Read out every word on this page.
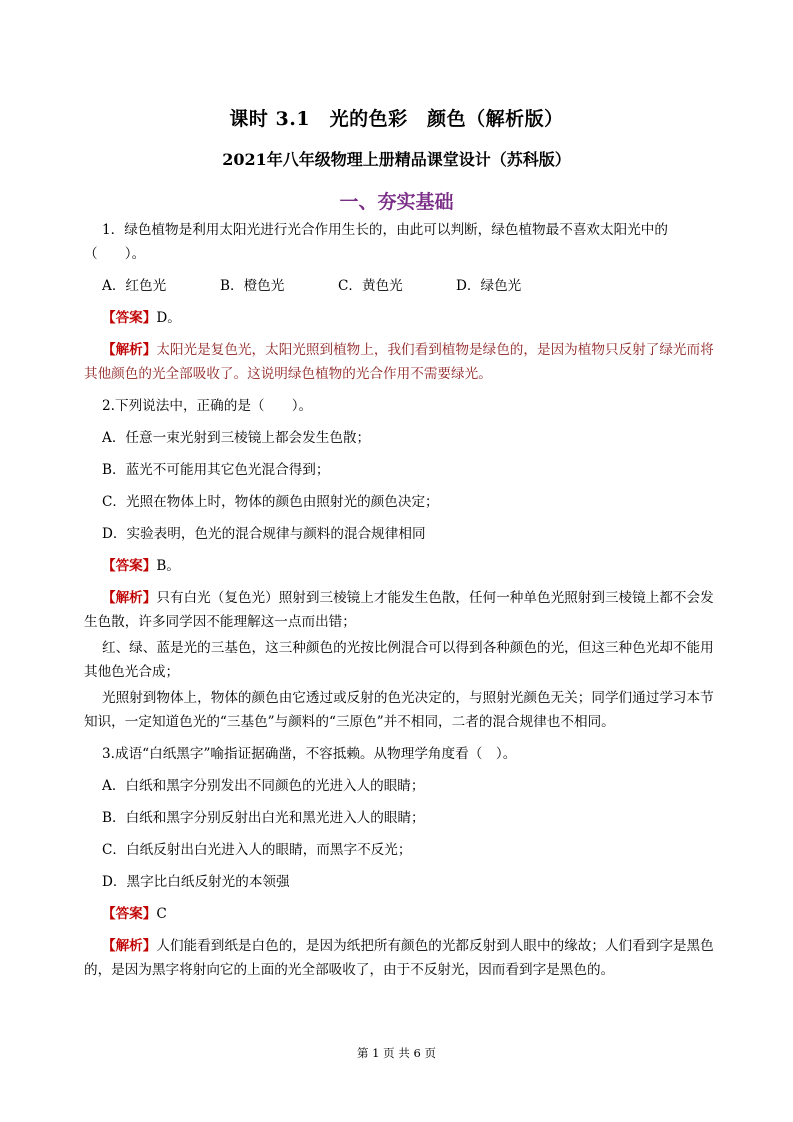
课时 3.1　光的色彩　颜色（解析版）
2021年八年级物理上册精品课堂设计（苏科版）
一、夯实基础
1．绿色植物是利用太阳光进行光合作用生长的，由此可以判断，绿色植物最不喜欢太阳光中的（　　）。
A．红色光	B．橙色光	C．黄色光	D．绿色光
【答案】D。
【解析】太阳光是复色光，太阳光照到植物上，我们看到植物是绿色的，是因为植物只反射了绿光而将其他颜色的光全部吸收了。这说明绿色植物的光合作用不需要绿光。
2.下列说法中，正确的是（　　）。
A．任意一束光射到三棱镜上都会发生色散；
B．蓝光不可能用其它色光混合得到；
C．光照在物体上时，物体的颜色由照射光的颜色决定；
D．实验表明，色光的混合规律与颜料的混合规律相同
【答案】B。
【解析】只有白光（复色光）照射到三棱镜上才能发生色散，任何一种单色光照射到三棱镜上都不会发生色散，许多同学因不能理解这一点而出错；
红、绿、蓝是光的三基色，这三种颜色的光按比例混合可以得到各种颜色的光，但这三种色光却不能用其他色光合成；
光照射到物体上，物体的颜色由它透过或反射的色光决定的，与照射光颜色无关；同学们通过学习本节知识，一定知道色光的“三基色”与颜料的“三原色”并不相同，二者的混合规律也不相同。
3.成语“白纸黑字”喻指证据确凿，不容抵赖。从物理学角度看（　）。
A．白纸和黑字分别发出不同颜色的光进入人的眼睛；
B．白纸和黑字分别反射出白光和黑光进入人的眼睛；
C．白纸反射出白光进入人的眼睛，而黑字不反光；
D．黑字比白纸反射光的本领强
【答案】C
【解析】人们能看到纸是白色的，是因为纸把所有颜色的光都反射到人眼中的缘故；人们看到字是黑色的，是因为黑字将射向它的上面的光全部吸收了，由于不反射光，因而看到字是黑色的。
第 1 页 共 6 页
